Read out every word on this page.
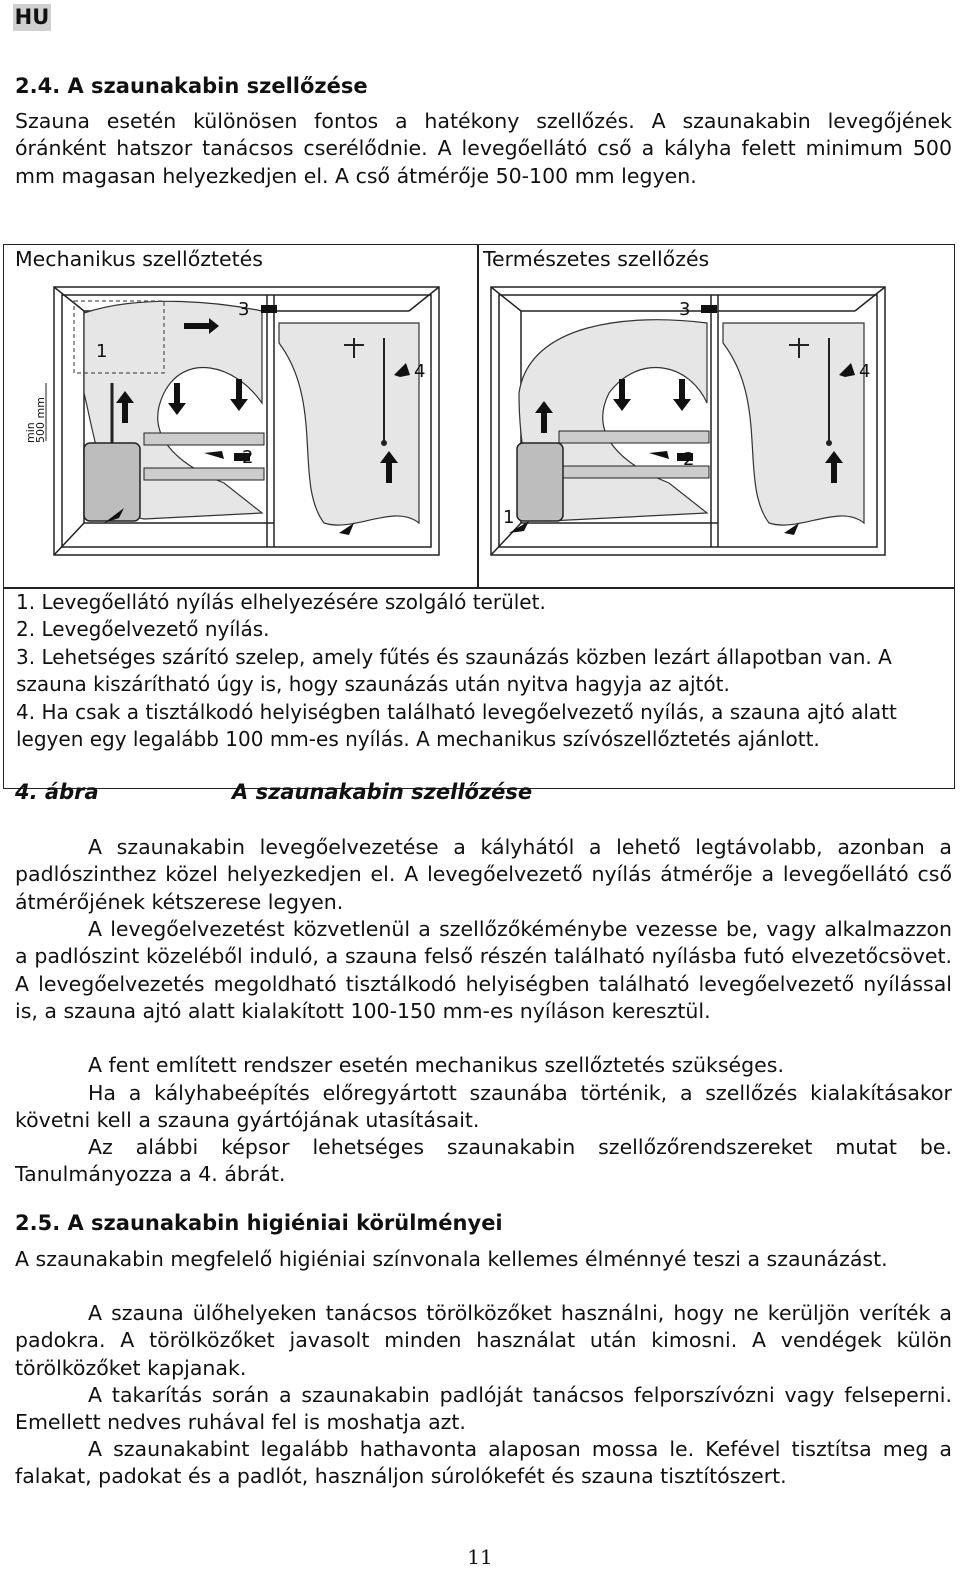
HU
2.4. A szaunakabin szellőzése

Szauna esetén különösen fontos a hatékony szellőzés. A szaunakabin levegőjének óránként hatszor tanácsos cserélődnie. A levegőellátó cső a kályha felett minimum 500 mm magasan helyezkedjen el. A cső átmérője 50-100 mm legyen.

Mechanikus szellőztetés	Természetes szellőzés
1
2
3
4
min
500 mm
1
2
3
4
1. Levegőellátó nyílás elhelyezésére szolgáló terület.
2. Levegőelvezető nyílás.
3. Lehetséges szárító szelep, amely fűtés és szaunázás közben lezárt állapotban van. A szauna kiszárítható úgy is, hogy szaunázás után nyitva hagyja az ajtót.
4. Ha csak a tisztálkodó helyiségben található levegőelvezető nyílás, a szauna ajtó alatt legyen egy legalább 100 mm-es nyílás. A mechanikus szívószellőztetés ajánlott.
4. ábra	A szaunakabin szellőzése

A szaunakabin levegőelvezetése a kályhától a lehető legtávolabb, azonban a padlószinthez közel helyezkedjen el. A levegőelvezető nyílás átmérője a levegőellátó cső átmérőjének kétszerese legyen.

A levegőelvezetést közvetlenül a szellőzőkéménybe vezesse be, vagy alkalmazzon a padlószint közeléből induló, a szauna felső részén található nyílásba futó elvezetőcsövet. A levegőelvezetés megoldható tisztálkodó helyiségben található levegőelvezető nyílással is, a szauna ajtó alatt kialakított 100-150 mm-es nyíláson keresztül.

A fent említett rendszer esetén mechanikus szellőztetés szükséges.

Ha a kályhabeépítés előregyártott szaunába történik, a szellőzés kialakításakor követni kell a szauna gyártójának utasításait.

Az alábbi képsor lehetséges szaunakabin szellőzőrendszereket mutat be. Tanulmányozza a 4. ábrát.

2.5. A szaunakabin higiéniai körülményei

A szaunakabin megfelelő higiéniai színvonala kellemes élménnyé teszi a szaunázást.

A szauna ülőhelyeken tanácsos törölközőket használni, hogy ne kerüljön veríték a padokra. A törölközőket javasolt minden használat után kimosni. A vendégek külön törölközőket kapjanak.

A takarítás során a szaunakabin padlóját tanácsos felporszívózni vagy felseperni. Emellett nedves ruhával fel is moshatja azt.

A szaunakabint legalább hathavonta alaposan mossa le. Kefével tisztítsa meg a falakat, padokat és a padlót, használjon súrolókefét és szauna tisztítószert.

11
